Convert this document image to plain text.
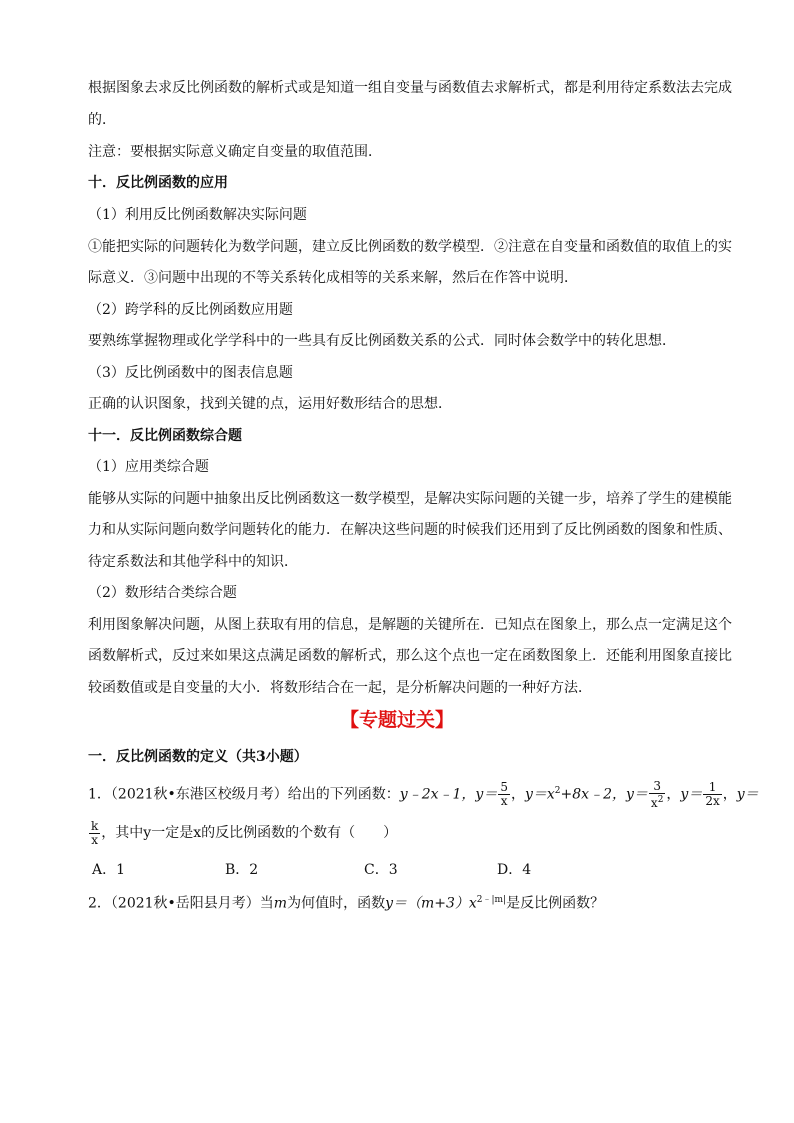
根据图象去求反比例函数的解析式或是知道一组自变量与函数值去求解析式，都是利用待定系数法去完成
的．
注意：要根据实际意义确定自变量的取值范围．
十．反比例函数的应用
（1）利用反比例函数解决实际问题
①能把实际的问题转化为数学问题，建立反比例函数的数学模型．②注意在自变量和函数值的取值上的实
际意义．③问题中出现的不等关系转化成相等的关系来解，然后在作答中说明．
（2）跨学科的反比例函数应用题
要熟练掌握物理或化学学科中的一些具有反比例函数关系的公式．同时体会数学中的转化思想．
（3）反比例函数中的图表信息题
正确的认识图象，找到关键的点，运用好数形结合的思想．
十一．反比例函数综合题
（1）应用类综合题
能够从实际的问题中抽象出反比例函数这一数学模型，是解决实际问题的关键一步，培养了学生的建模能
力和从实际问题向数学问题转化的能力．在解决这些问题的时候我们还用到了反比例函数的图象和性质、
待定系数法和其他学科中的知识．
（2）数形结合类综合题
利用图象解决问题，从图上获取有用的信息，是解题的关键所在．已知点在图象上，那么点一定满足这个
函数解析式，反过来如果这点满足函数的解析式，那么这个点也一定在函数图象上．还能利用图象直接比
较函数值或是自变量的大小．将数形结合在一起，是分析解决问题的一种好方法．
【专题过关】
一．反比例函数的定义（共3小题）
1．（2021秋•东港区校级月考）给出的下列函数：y﹣2x﹣1，$y= \frac{5}{x}$ ，$y=x^2+8x﹣2$，$y= \frac{3}{x^2}$ ，$y= \frac{1}{2x}$ ，y＝
$\frac{k}{x}$ ，其中y一定是x的反比例函数的个数有（　　）
A．1	B．2	C．3	D．4
2．（2021秋•岳阳县月考）当m为何值时，函数$y=(m+3)x^{2﹣|m|}$是反比例函数？
